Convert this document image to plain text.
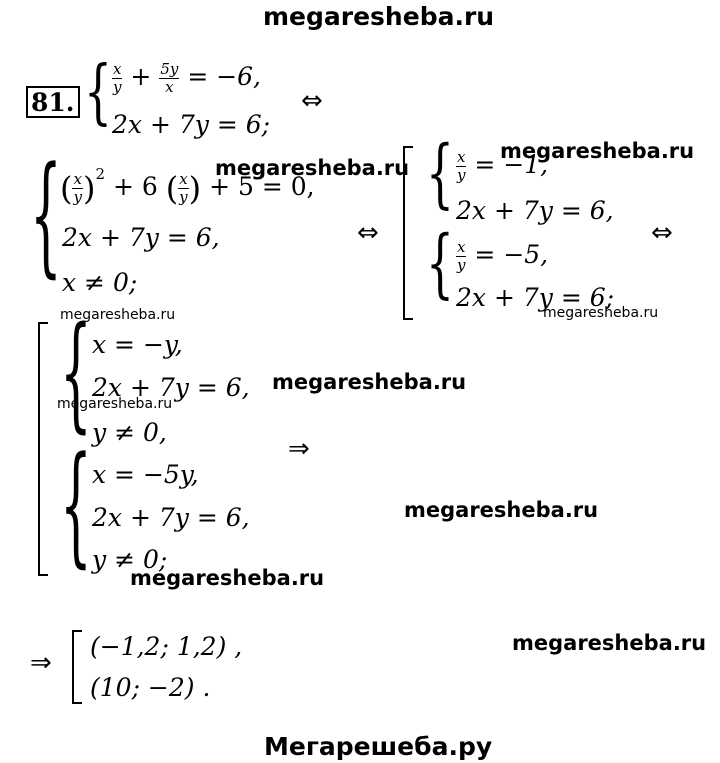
megaresheba.ru
81. { $\frac{x}{y} + \frac{5y}{x} = -6$,
2x + 7y = 6;
⇔
{
( $\frac{x}{y} )^2 + 6$ ( $\frac{x}{y}$ ) + 5 = 0,
2x + 7y = 6,
x ≠ 0;
⇔
{ $\frac{x}{y} = -1$,
2x + 7y = 6,
{ $\frac{x}{y} = -5$,
2x + 7y = 6;
⇔
{ x = −y,
2x + 7y = 6,
y ≠ 0,
{ x = −5y,
2x + 7y = 6,
y ≠ 0;
⇒
⇒
(−1,2; 1,2) ,
(10; −2) .
megaresheba.ru
megaresheba.ru
megaresheba.ru
megaresheba.ru
megaresheba.ru
megaresheba.ru
megaresheba.ru	megaresheba.ru
megaresheba.ru
Мегарешеба.ру
